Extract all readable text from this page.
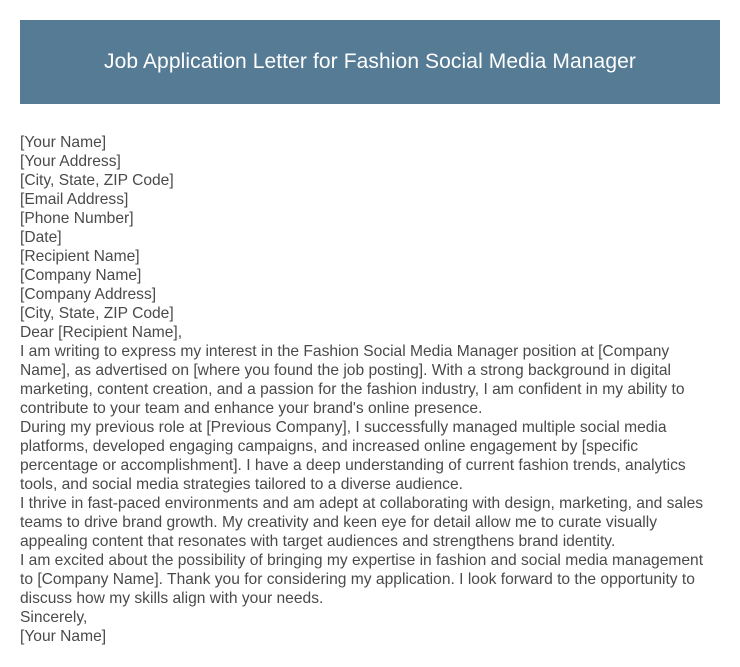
Job Application Letter for Fashion Social Media Manager
[Your Name]
[Your Address]
[City, State, ZIP Code]
[Email Address]
[Phone Number]
[Date]
[Recipient Name]
[Company Name]
[Company Address]
[City, State, ZIP Code]
Dear [Recipient Name],

I am writing to express my interest in the Fashion Social Media Manager position at [Company Name], as advertised on [where you found the job posting]. With a strong background in digital marketing, content creation, and a passion for the fashion industry, I am confident in my ability to contribute to your team and enhance your brand's online presence.

During my previous role at [Previous Company], I successfully managed multiple social media platforms, developed engaging campaigns, and increased online engagement by [specific percentage or accomplishment]. I have a deep understanding of current fashion trends, analytics tools, and social media strategies tailored to a diverse audience.

I thrive in fast-paced environments and am adept at collaborating with design, marketing, and sales teams to drive brand growth. My creativity and keen eye for detail allow me to curate visually appealing content that resonates with target audiences and strengthens brand identity.

I am excited about the possibility of bringing my expertise in fashion and social media management to [Company Name]. Thank you for considering my application. I look forward to the opportunity to discuss how my skills align with your needs.

Sincerely,
[Your Name]
